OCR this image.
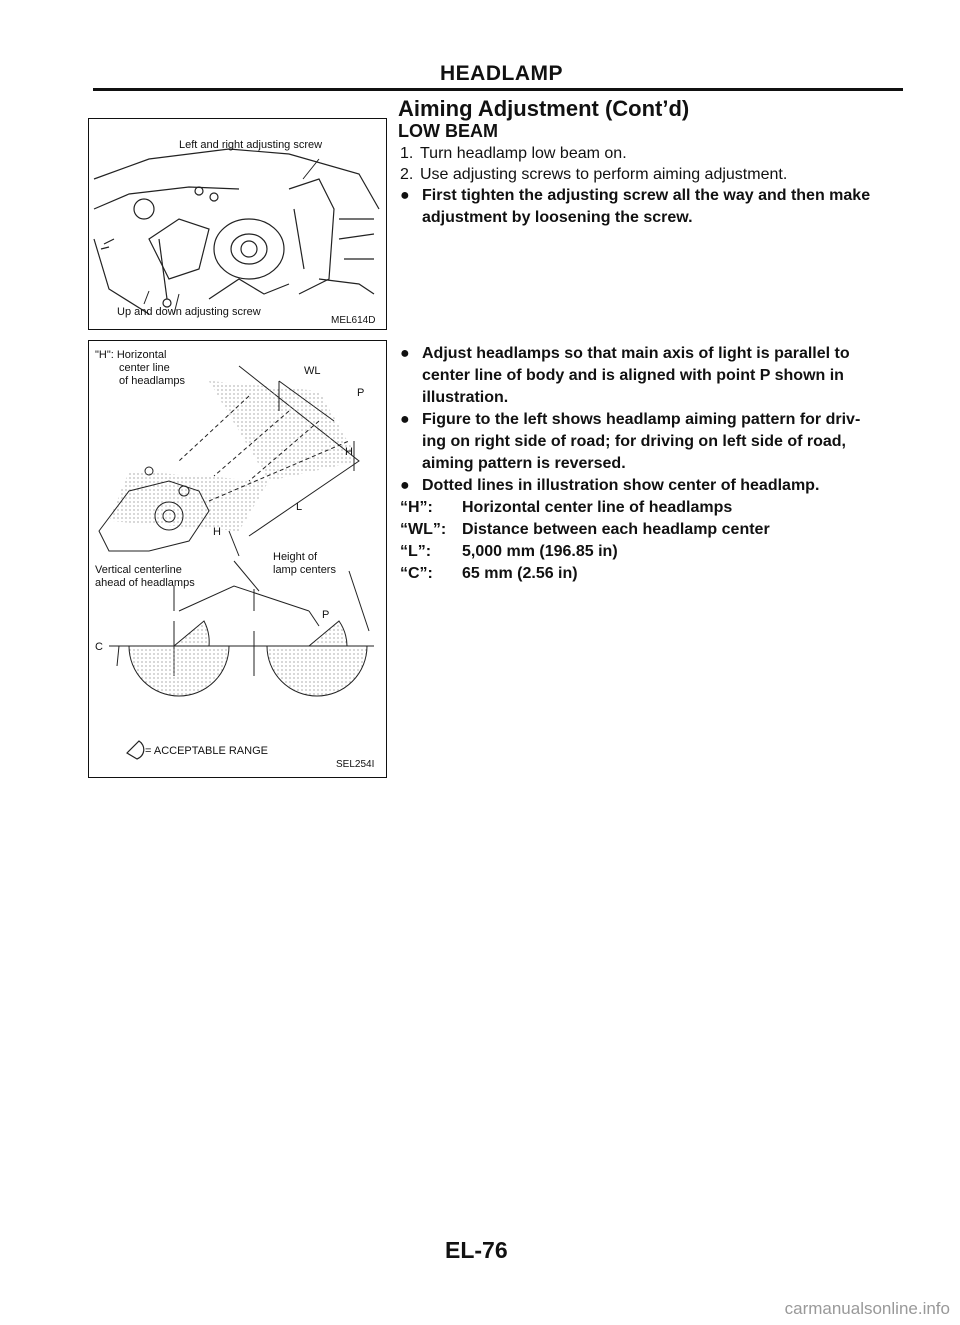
HEADLAMP
Aiming Adjustment (Cont’d)
LOW BEAM
1. Turn headlamp low beam on.
2. Use adjusting screws to perform aiming adjustment.
● First tighten the adjusting screw all the way and then make
adjustment by loosening the screw.
● Adjust headlamps so that main axis of light is parallel to
center line of body and is aligned with point P shown in
illustration.
● Figure to the left shows headlamp aiming pattern for driv-
ing on right side of road; for driving on left side of road,
aiming pattern is reversed.
● Dotted lines in illustration show center of headlamp.
“H”: Horizontal center line of headlamps
“WL”: Distance between each headlamp center
“L”: 5,000 mm (196.85 in)
“C”: 65 mm (2.56 in)
Left and right adjusting screw
Up and down adjusting screw
MEL614D
"H": Horizontal
center line
of headlamps
WL
P
H
L
H
Height of
lamp centers
Vertical centerline
ahead of headlamps
P
C
= ACCEPTABLE RANGE
SEL254I
EL-76
carmanualsonline.info
